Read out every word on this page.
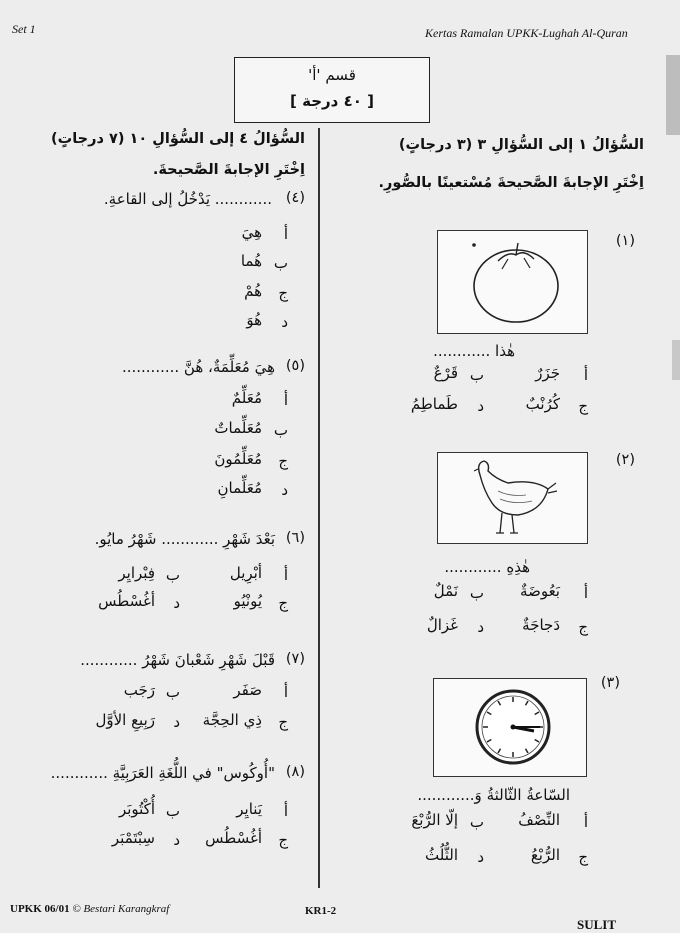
Set 1	Kertas Ramalan UPKK-Lughah Al-Quran
قسم 'أ'
[ ٤٠ درجة ]
السُّؤالُ ١ إلى السُّؤالِ ٣ (٣ درجاتٍ)
اِخْتَرِ الإجابةَ الصَّحيحةَ مُسْتعينًا بالصُّورِ.
(١)
هٰذا ............
أ
جَزَرٌ
ب
قَرْعٌ
ج
كُرُنْبٌ
د
طَماطِمُ
(٢)
هٰذِهِ ............
أ
بَعُوضَةٌ
ب
نَمْلٌ
ج
دَجاجَةٌ
د
غَزالٌ
(٣)
السّاعةُ الثّالثةُ وَ............
أ
النِّصْفُ
ب
إلّا الرُّبْعَ
ج
الرُّبْعُ
د
الثُّلُثُ
السُّؤالُ ٤ إلى السُّؤالِ ١٠ (٧ درجاتٍ)
اِخْتَرِ الإجابةَ الصَّحيحةَ.
(٤)
............ يَدْخُلُ إلى القاعةِ.
أ
هِيَ
ب
هُما
ج
هُمْ
د
هُوَ
(٥)
هِيَ مُعَلِّمَةٌ، هُنَّ ............
أ
مُعَلِّمٌ
ب
مُعَلِّماتٌ
ج
مُعَلِّمُونَ
د
مُعَلِّمانِ
(٦)
بَعْدَ شَهْرِ ............ شَهْرُ مايُو.
أ
أبْرِيل
ب
فِبْرايِر
ج
يُونْيُو
د
أغُسْطُس
(٧)
قَبْلَ شَهْرِ شَعْبانَ شَهْرُ ............
أ
صَفَر
ب
رَجَب
ج
ذِي الحِجَّة
د
رَبِيعِ الأوَّل
(٨)
"أُوكُوس" في اللُّغَةِ العَرَبِيَّةِ ............
أ
يَنايِر
ب
أُكْتُوبَر
ج
أغُسْطُس
د
سِبْتَمْبَر
UPKK 06/01 © Bestari Karangkraf	KR1-2
SULIT
